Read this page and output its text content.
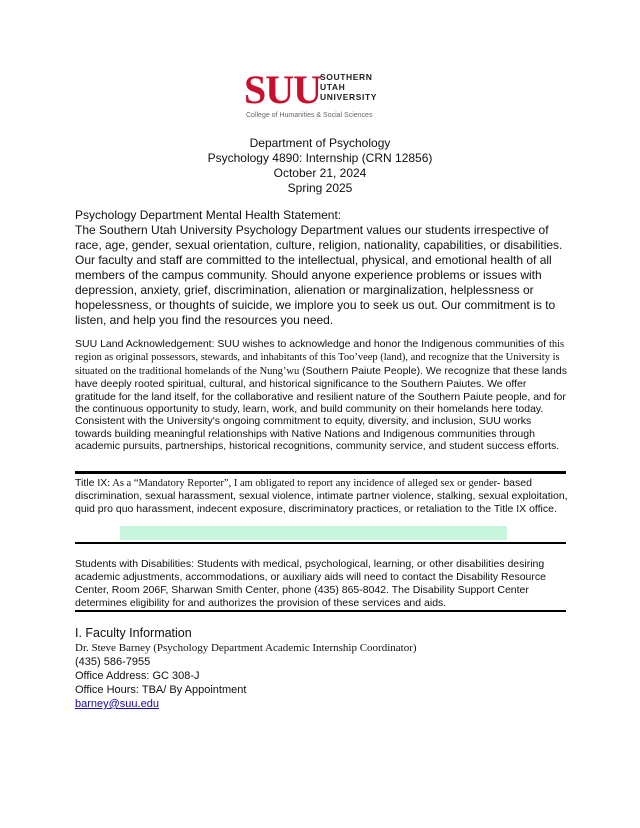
SUU
SOUTHERN
UTAH
UNIVERSITY
College of Humanities & Social Sciences
Department of Psychology
Psychology 4890: Internship (CRN 12856)
October 21, 2024
Spring 2025
Psychology Department Mental Health Statement:

The Southern Utah University Psychology Department values our students irrespective of race, age, gender, sexual orientation, culture, religion, nationality, capabilities, or disabilities. Our faculty and staff are committed to the intellectual, physical, and emotional health of all members of the campus community. Should anyone experience problems or issues with depression, anxiety, grief, discrimination, alienation or marginalization, helplessness or hopelessness, or thoughts of suicide, we implore you to seek us out. Our commitment is to listen, and help you find the resources you need.

SUU Land Acknowledgement: SUU wishes to acknowledge and honor the Indigenous communities of this region as original possessors, stewards, and inhabitants of this Too’veep (land), and recognize that the University is situated on the traditional homelands of the Nung’wu (Southern Paiute People). We recognize that these lands have deeply rooted spiritual, cultural, and historical significance to the Southern Paiutes. We offer gratitude for the land itself, for the collaborative and resilient nature of the Southern Paiute people, and for the continuous opportunity to study, learn, work, and build community on their homelands here today. Consistent with the University's ongoing commitment to equity, diversity, and inclusion, SUU works towards building meaningful relationships with Native Nations and Indigenous communities through academic pursuits, partnerships, historical recognitions, community service, and student success efforts.
Title IX: As a “Mandatory Reporter”, I am obligated to report any incidence of alleged sex or gender- based discrimination, sexual harassment, sexual violence, intimate partner violence, stalking, sexual exploitation, quid pro quo harassment, indecent exposure, discriminatory practices, or retaliation to the Title IX office.

Students with Disabilities: Students with medical, psychological, learning, or other disabilities desiring academic adjustments, accommodations, or auxiliary aids will need to contact the Disability Resource Center, Room 206F, Sharwan Smith Center, phone (435) 865-8042. The Disability Support Center determines eligibility for and authorizes the provision of these services and aids.

I. Faculty Information
Dr. Steve Barney (Psychology Department Academic Internship Coordinator)
(435) 586-7955
Office Address: GC 308-J
Office Hours: TBA/ By Appointment
barney@suu.edu
